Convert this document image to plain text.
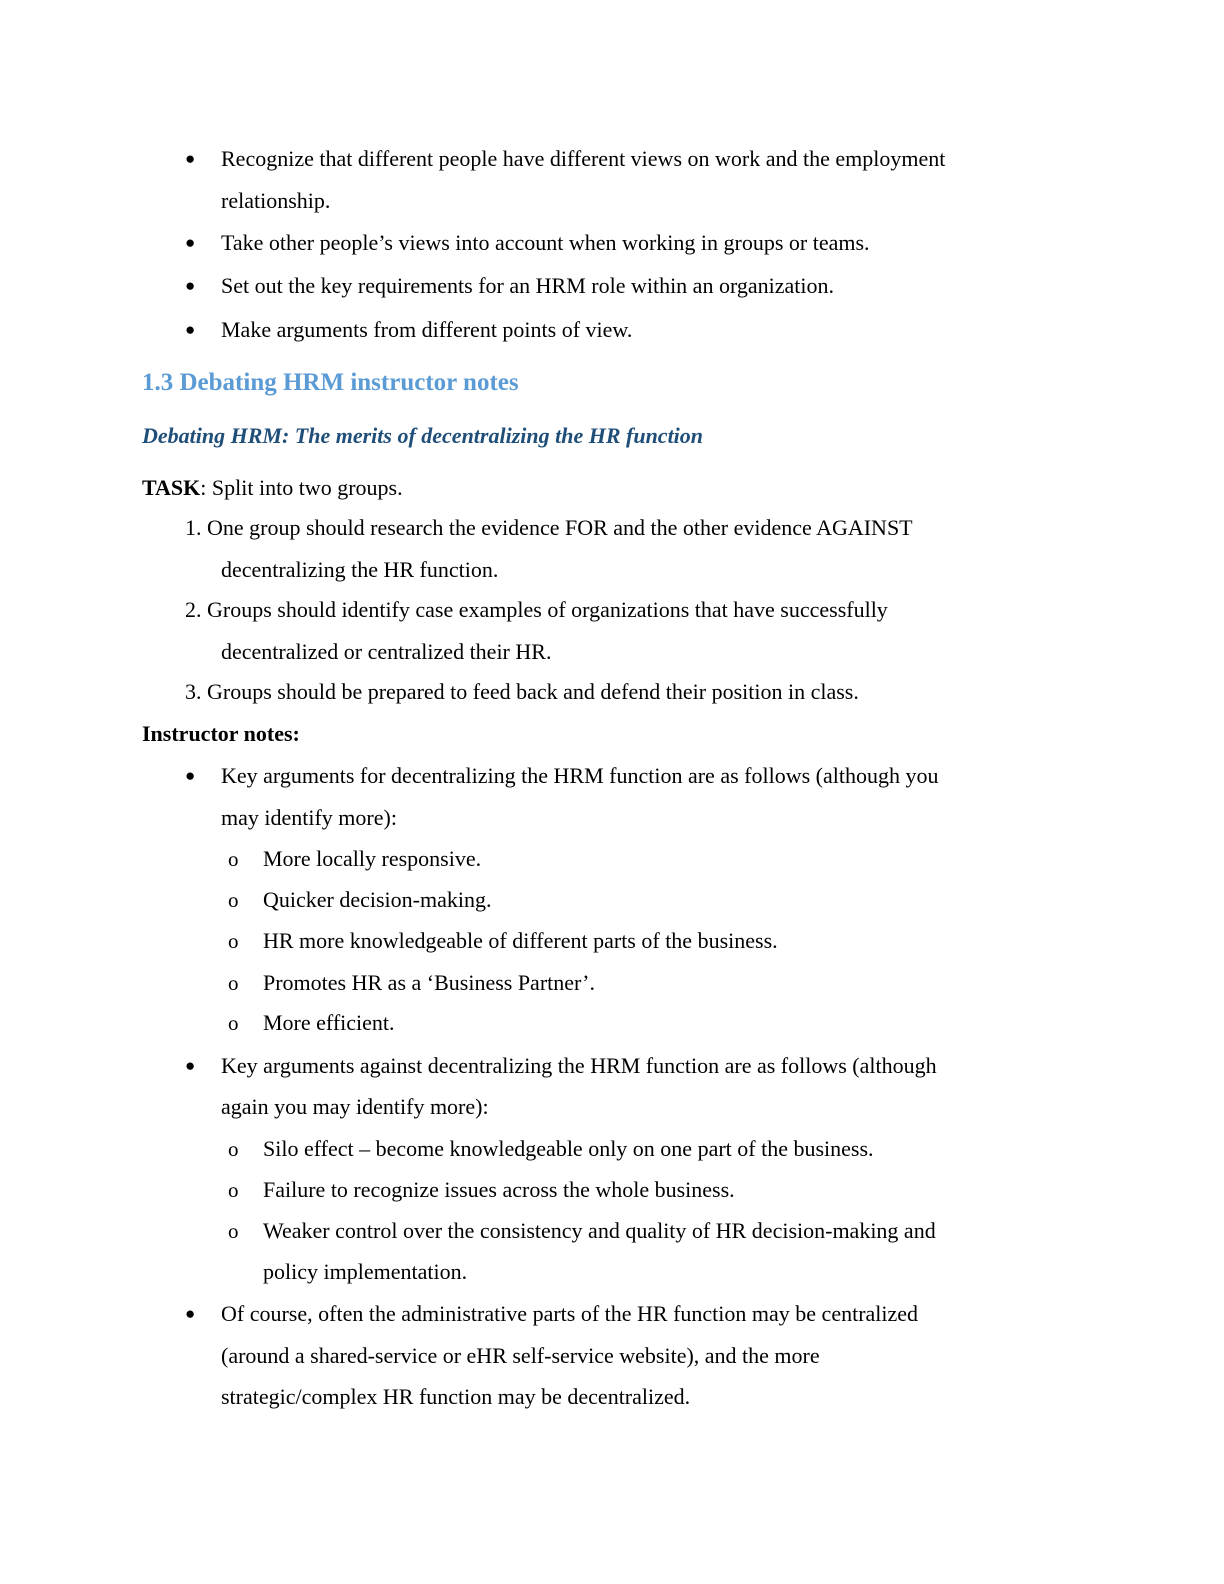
● Recognize that different people have different views on work and the employment
relationship.
● Take other people’s views into account when working in groups or teams.
● Set out the key requirements for an HRM role within an organization.
● Make arguments from different points of view.
1.3 Debating HRM instructor notes
Debating HRM: The merits of decentralizing the HR function
TASK: Split into two groups.
1. One group should research the evidence FOR and the other evidence AGAINST
decentralizing the HR function.
2. Groups should identify case examples of organizations that have successfully
decentralized or centralized their HR.
3. Groups should be prepared to feed back and defend their position in class.
Instructor notes:
● Key arguments for decentralizing the HRM function are as follows (although you
may identify more):
o More locally responsive.
o Quicker decision-making.
o HR more knowledgeable of different parts of the business.
o Promotes HR as a ‘Business Partner’.
o More efficient.
● Key arguments against decentralizing the HRM function are as follows (although
again you may identify more):
o Silo effect – become knowledgeable only on one part of the business.
o Failure to recognize issues across the whole business.
o Weaker control over the consistency and quality of HR decision-making and
policy implementation.
● Of course, often the administrative parts of the HR function may be centralized
(around a shared-service or eHR self-service website), and the more
strategic/complex HR function may be decentralized.
